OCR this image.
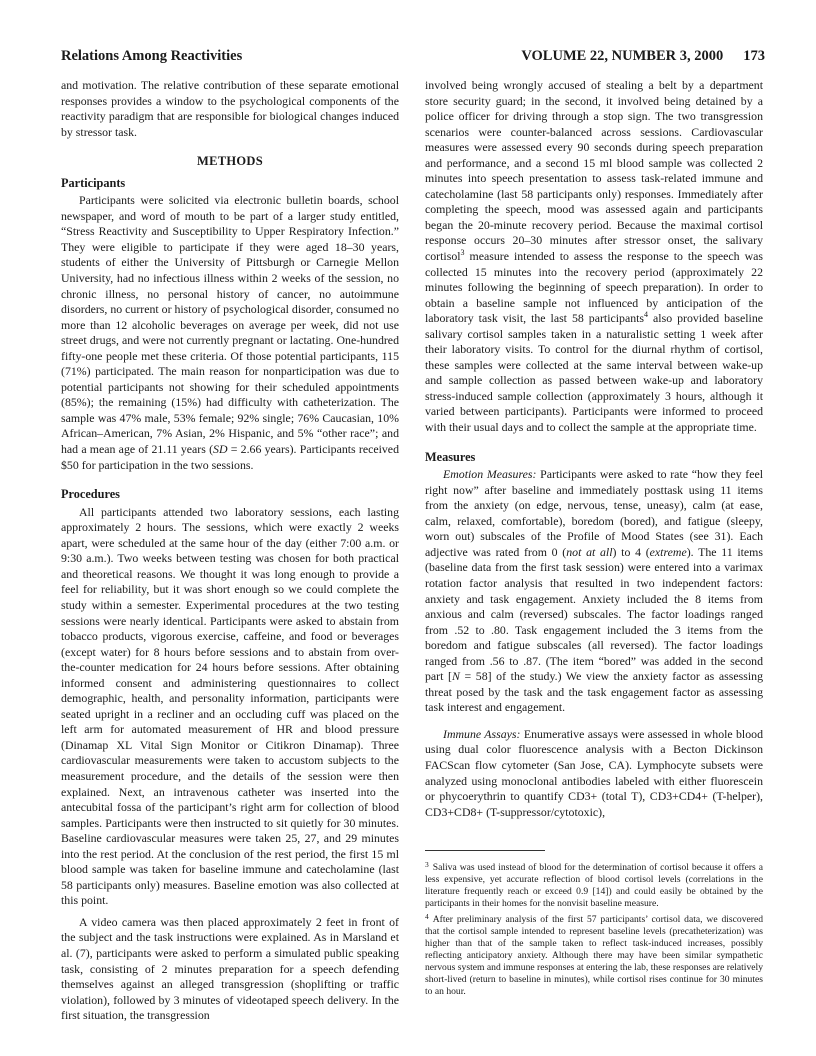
Relations Among Reactivities	VOLUME 22, NUMBER 3, 2000 173

and motivation. The relative contribution of these separate emotional responses provides a window to the psychological components of the reactivity paradigm that are responsible for biological changes induced by stressor task.

METHODS
Participants

Participants were solicited via electronic bulletin boards, school newspaper, and word of mouth to be part of a larger study entitled, “Stress Reactivity and Susceptibility to Upper Respiratory Infection.” They were eligible to participate if they were aged 18–30 years, students of either the University of Pittsburgh or Carnegie Mellon University, had no infectious illness within 2 weeks of the session, no chronic illness, no personal history of cancer, no autoimmune disorders, no current or history of psychological disorder, consumed no more than 12 alcoholic beverages on average per week, did not use street drugs, and were not currently pregnant or lactating. One-hundred fifty-one people met these criteria. Of those potential participants, 115 (71%) participated. The main reason for nonparticipation was due to potential participants not showing for their scheduled appointments (85%); the remaining (15%) had difficulty with catheterization. The sample was 47% male, 53% female; 92% single; 76% Caucasian, 10% African–American, 7% Asian, 2% Hispanic, and 5% “other race”; and had a mean age of 21.11 years (SD = 2.66 years). Participants received $50 for participation in the two sessions.

Procedures

All participants attended two laboratory sessions, each lasting approximately 2 hours. The sessions, which were exactly 2 weeks apart, were scheduled at the same hour of the day (either 7:00 a.m. or 9:30 a.m.). Two weeks between testing was chosen for both practical and theoretical reasons. We thought it was long enough to provide a feel for reliability, but it was short enough so we could complete the study within a semester. Experimental procedures at the two testing sessions were nearly identical. Participants were asked to abstain from tobacco products, vigorous exercise, caffeine, and food or beverages (except water) for 8 hours before sessions and to abstain from over-the-counter medication for 24 hours before sessions. After obtaining informed consent and administering questionnaires to collect demographic, health, and personality information, participants were seated upright in a recliner and an occluding cuff was placed on the left arm for automated measurement of HR and blood pressure (Dinamap XL Vital Sign Monitor or Citikron Dinamap). Three cardiovascular measurements were taken to accustom subjects to the measurement procedure, and the details of the session were then explained. Next, an intravenous catheter was inserted into the antecubital fossa of the participant’s right arm for collection of blood samples. Participants were then instructed to sit quietly for 30 minutes. Baseline cardiovascular measures were taken 25, 27, and 29 minutes into the rest period. At the conclusion of the rest period, the first 15 ml blood sample was taken for baseline immune and catecholamine (last 58 participants only) measures. Baseline emotion was also collected at this point.

A video camera was then placed approximately 2 feet in front of the subject and the task instructions were explained. As in Marsland et al. (7), participants were asked to perform a simulated public speaking task, consisting of 2 minutes preparation for a speech defending themselves against an alleged transgression (shoplifting or traffic violation), followed by 3 minutes of videotaped speech delivery. In the first situation, the transgression

involved being wrongly accused of stealing a belt by a department store security guard; in the second, it involved being detained by a police officer for driving through a stop sign. The two transgression scenarios were counter-balanced across sessions. Cardiovascular measures were assessed every 90 seconds during speech preparation and performance, and a second 15 ml blood sample was collected 2 minutes into speech presentation to assess task-related immune and catecholamine (last 58 participants only) responses. Immediately after completing the speech, mood was assessed again and participants began the 20-minute recovery period. Because the maximal cortisol response occurs 20–30 minutes after stressor onset, the salivary cortisol$^3$ measure intended to assess the response to the speech was collected 15 minutes into the recovery period (approximately 22 minutes following the beginning of speech preparation). In order to obtain a baseline sample not influenced by anticipation of the laboratory task visit, the last 58 participants$^4$ also provided baseline salivary cortisol samples taken in a naturalistic setting 1 week after their laboratory visits. To control for the diurnal rhythm of cortisol, these samples were collected at the same interval between wake-up and sample collection as passed between wake-up and laboratory stress-induced sample collection (approximately 3 hours, although it varied between participants). Participants were informed to proceed with their usual days and to collect the sample at the appropriate time.

Measures

Emotion Measures: Participants were asked to rate “how they feel right now” after baseline and immediately posttask using 11 items from the anxiety (on edge, nervous, tense, uneasy), calm (at ease, calm, relaxed, comfortable), boredom (bored), and fatigue (sleepy, worn out) subscales of the Profile of Mood States (see 31). Each adjective was rated from 0 (not at all) to 4 (extreme). The 11 items (baseline data from the first task session) were entered into a varimax rotation factor analysis that resulted in two independent factors: anxiety and task engagement. Anxiety included the 8 items from anxious and calm (reversed) subscales. The factor loadings ranged from .52 to .80. Task engagement included the 3 items from the boredom and fatigue subscales (all reversed). The factor loadings ranged from .56 to .87. (The item “bored” was added in the second part [N = 58] of the study.) We view the anxiety factor as assessing threat posed by the task and the task engagement factor as assessing task interest and engagement.

Immune Assays: Enumerative assays were assessed in whole blood using dual color fluorescence analysis with a Becton Dickinson FACScan flow cytometer (San Jose, CA). Lymphocyte subsets were analyzed using monoclonal antibodies labeled with either fluorescein or phycoerythrin to quantify CD3+ (total T), CD3+CD4+ (T-helper), CD3+CD8+ (T-suppressor/cytotoxic),

$^3$ Saliva was used instead of blood for the determination of cortisol because it offers a less expensive, yet accurate reflection of blood cortisol levels (correlations in the literature frequently reach or exceed 0.9 [14]) and could easily be obtained by the participants in their homes for the nonvisit baseline measure.

$^4$ After preliminary analysis of the first 57 participants’ cortisol data, we discovered that the cortisol sample intended to represent baseline levels (precatheterization) was higher than that of the sample taken to reflect task-induced increases, possibly reflecting anticipatory anxiety. Although there may have been similar sympathetic nervous system and immune responses at entering the lab, these responses are relatively short-lived (return to baseline in minutes), while cortisol rises continue for 30 minutes to an hour.
